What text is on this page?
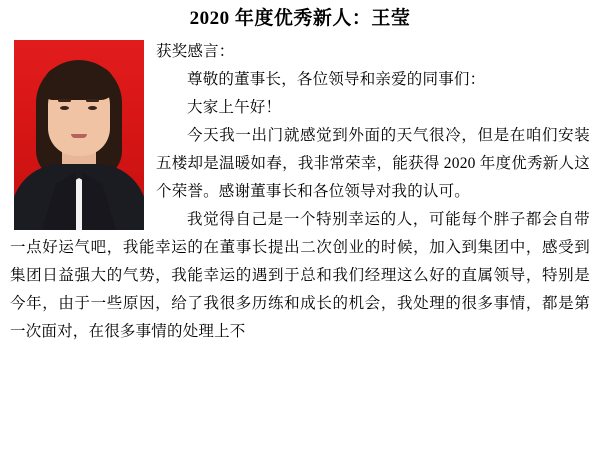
2020 年度优秀新人：王莹

获奖感言：

尊敬的董事长，各位领导和亲爱的同事们：

大家上午好！

今天我一出门就感觉到外面的天气很冷，但是在咱们安装五楼却是温暖如春，我非常荣幸，能获得 2020 年度优秀新人这个荣誉。感谢董事长和各位领导对我的认可。

我觉得自己是一个特别幸运的人，可能每个胖子都会自带一点好运气吧，我能幸运的在董事长提出二次创业的时候，加入到集团中，感受到集团日益强大的气势，我能幸运的遇到于总和我们经理这么好的直属领导，特别是今年，由于一些原因，给了我很多历练和成长的机会，我处理的很多事情，都是第一次面对，在很多事情的处理上不
